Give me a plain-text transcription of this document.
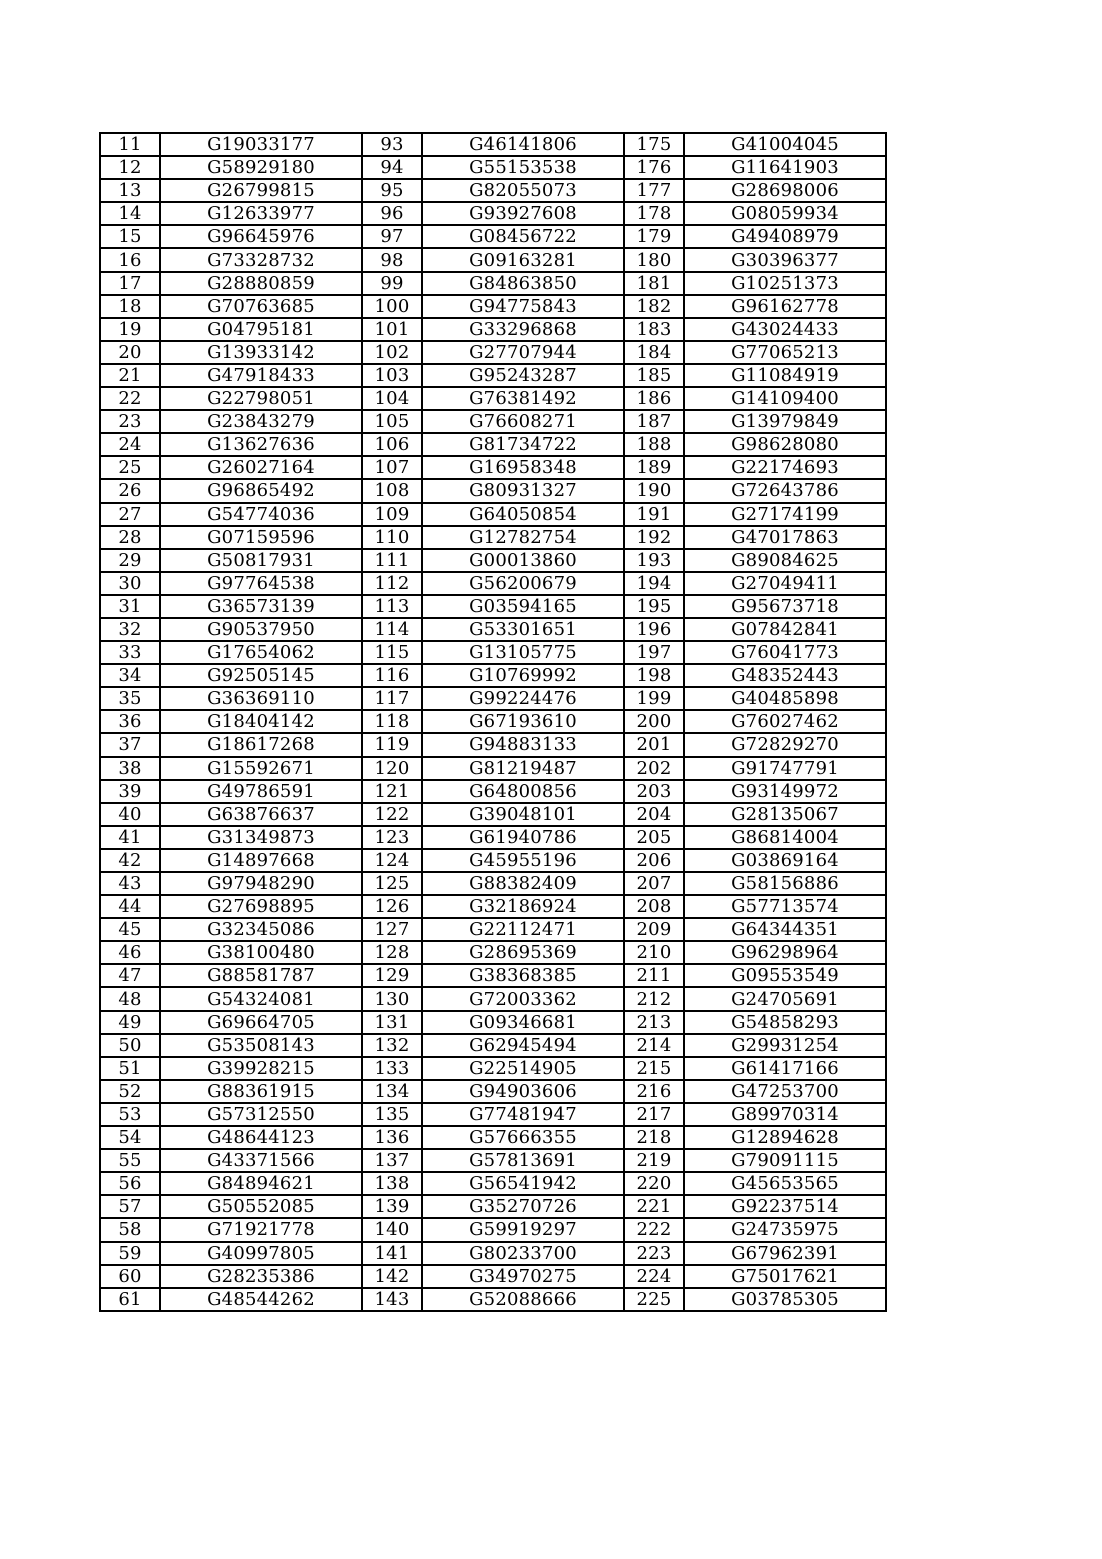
11	G19033177	93	G46141806	175	G41004045
12	G58929180	94	G55153538	176	G11641903
13	G26799815	95	G82055073	177	G28698006
14	G12633977	96	G93927608	178	G08059934
15	G96645976	97	G08456722	179	G49408979
16	G73328732	98	G09163281	180	G30396377
17	G28880859	99	G84863850	181	G10251373
18	G70763685	100	G94775843	182	G96162778
19	G04795181	101	G33296868	183	G43024433
20	G13933142	102	G27707944	184	G77065213
21	G47918433	103	G95243287	185	G11084919
22	G22798051	104	G76381492	186	G14109400
23	G23843279	105	G76608271	187	G13979849
24	G13627636	106	G81734722	188	G98628080
25	G26027164	107	G16958348	189	G22174693
26	G96865492	108	G80931327	190	G72643786
27	G54774036	109	G64050854	191	G27174199
28	G07159596	110	G12782754	192	G47017863
29	G50817931	111	G00013860	193	G89084625
30	G97764538	112	G56200679	194	G27049411
31	G36573139	113	G03594165	195	G95673718
32	G90537950	114	G53301651	196	G07842841
33	G17654062	115	G13105775	197	G76041773
34	G92505145	116	G10769992	198	G48352443
35	G36369110	117	G99224476	199	G40485898
36	G18404142	118	G67193610	200	G76027462
37	G18617268	119	G94883133	201	G72829270
38	G15592671	120	G81219487	202	G91747791
39	G49786591	121	G64800856	203	G93149972
40	G63876637	122	G39048101	204	G28135067
41	G31349873	123	G61940786	205	G86814004
42	G14897668	124	G45955196	206	G03869164
43	G97948290	125	G88382409	207	G58156886
44	G27698895	126	G32186924	208	G57713574
45	G32345086	127	G22112471	209	G64344351
46	G38100480	128	G28695369	210	G96298964
47	G88581787	129	G38368385	211	G09553549
48	G54324081	130	G72003362	212	G24705691
49	G69664705	131	G09346681	213	G54858293
50	G53508143	132	G62945494	214	G29931254
51	G39928215	133	G22514905	215	G61417166
52	G88361915	134	G94903606	216	G47253700
53	G57312550	135	G77481947	217	G89970314
54	G48644123	136	G57666355	218	G12894628
55	G43371566	137	G57813691	219	G79091115
56	G84894621	138	G56541942	220	G45653565
57	G50552085	139	G35270726	221	G92237514
58	G71921778	140	G59919297	222	G24735975
59	G40997805	141	G80233700	223	G67962391
60	G28235386	142	G34970275	224	G75017621
61	G48544262	143	G52088666	225	G03785305
